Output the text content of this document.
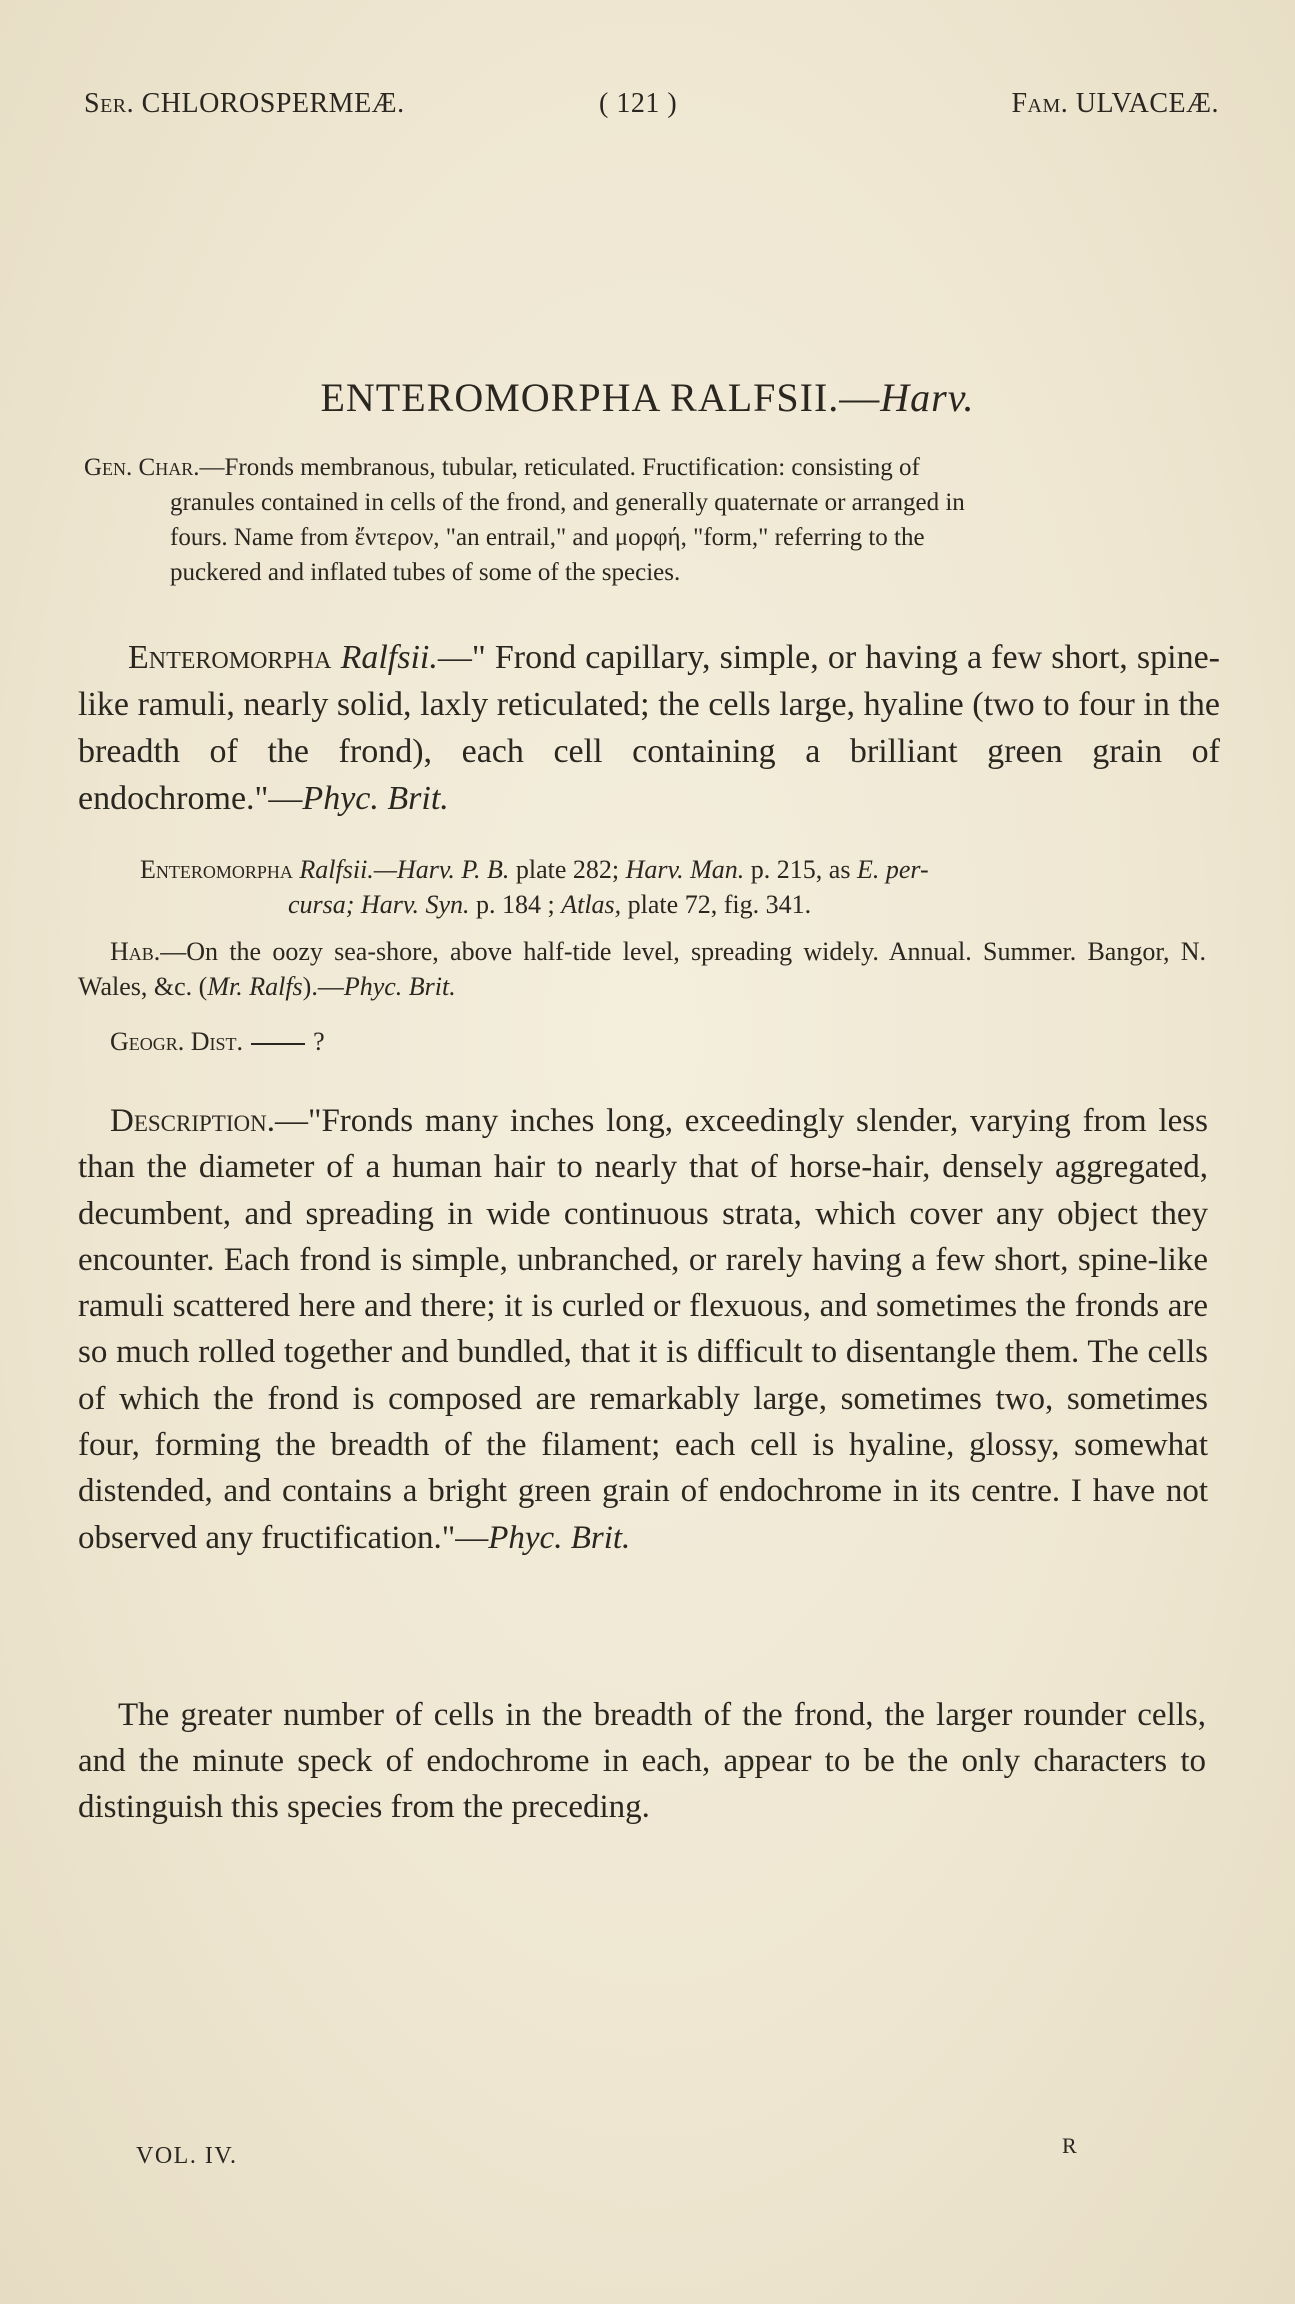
Ser. CHLOROSPERMEÆ.	( 121 )	Fam. ULVACEÆ.
ENTEROMORPHA RALFSII.—Harv.
Gen. Char.—Fronds membranous, tubular, reticulated. Fructification: consisting of
granules contained in cells of the frond, and generally quaternate or arranged in
fours. Name from ἔντερον, "an entrail," and μορφή, "form," referring to the
puckered and inflated tubes of some of the species.
Enteromorpha Ralfsii.—" Frond capillary, simple, or having a few short, spine-like ramuli, nearly solid, laxly reticulated; the cells large, hyaline (two to four in the breadth of the frond), each cell containing a brilliant green grain of endochrome."—Phyc. Brit.
Enteromorpha Ralfsii.—Harv. P. B. plate 282; Harv. Man. p. 215, as E. per-
cursa; Harv. Syn. p. 184 ; Atlas, plate 72, fig. 341.
Hab.—On the oozy sea-shore, above half-tide level, spreading widely. Annual. Summer. Bangor, N. Wales, &c. (Mr. Ralfs).—Phyc. Brit.
Geogr. Dist.	?
Description.—"Fronds many inches long, exceedingly slender, varying from less than the diameter of a human hair to nearly that of horse-hair, densely aggregated, decumbent, and spreading in wide continuous strata, which cover any object they encounter. Each frond is simple, unbranched, or rarely having a few short, spine-like ramuli scattered here and there; it is curled or flexuous, and sometimes the fronds are so much rolled together and bundled, that it is difficult to disentangle them. The cells of which the frond is composed are remarkably large, sometimes two, sometimes four, forming the breadth of the filament; each cell is hyaline, glossy, somewhat distended, and contains a bright green grain of endochrome in its centre. I have not observed any fructification."—Phyc. Brit.
The greater number of cells in the breadth of the frond, the larger rounder cells, and the minute speck of endochrome in each, appear to be the only characters to distinguish this species from the preceding.
VOL. IV.	R
